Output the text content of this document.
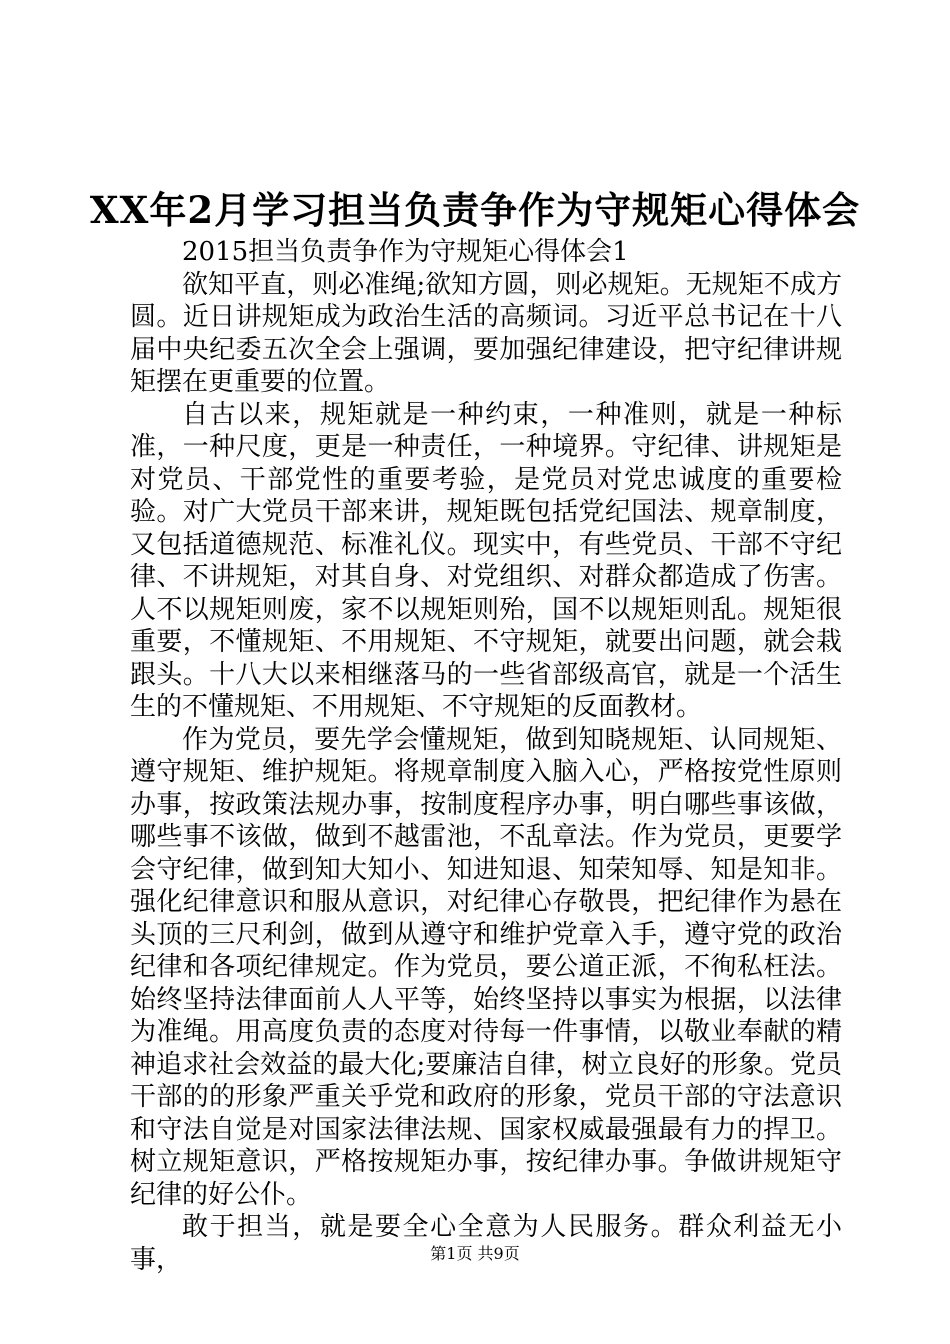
XX年2月学习担当负责争作为守规矩心得体会

2015担当负责争作为守规矩心得体会1

欲知平直，则必准绳;欲知方圆，则必规矩。无规矩不成方圆。近日讲规矩成为政治生活的高频词。习近平总书记在十八届中央纪委五次全会上强调，要加强纪律建设，把守纪律讲规矩摆在更重要的位置。

自古以来，规矩就是一种约束，一种准则，就是一种标准，一种尺度，更是一种责任，一种境界。守纪律、讲规矩是对党员、干部党性的重要考验，是党员对党忠诚度的重要检验。对广大党员干部来讲，规矩既包括党纪国法、规章制度，又包括道德规范、标准礼仪。现实中，有些党员、干部不守纪律、不讲规矩，对其自身、对党组织、对群众都造成了伤害。人不以规矩则废，家不以规矩则殆，国不以规矩则乱。规矩很重要，不懂规矩、不用规矩、不守规矩，就要出问题，就会栽跟头。十八大以来相继落马的一些省部级高官，就是一个活生生的不懂规矩、不用规矩、不守规矩的反面教材。

作为党员，要先学会懂规矩，做到知晓规矩、认同规矩、遵守规矩、维护规矩。将规章制度入脑入心，严格按党性原则办事，按政策法规办事，按制度程序办事，明白哪些事该做，哪些事不该做，做到不越雷池，不乱章法。作为党员，更要学会守纪律，做到知大知小、知进知退、知荣知辱、知是知非。强化纪律意识和服从意识，对纪律心存敬畏，把纪律作为悬在头顶的三尺利剑，做到从遵守和维护党章入手，遵守党的政治纪律和各项纪律规定。作为党员，要公道正派，不徇私枉法。始终坚持法律面前人人平等，始终坚持以事实为根据，以法律为准绳。用高度负责的态度对待每一件事情，以敬业奉献的精神追求社会效益的最大化;要廉洁自律，树立良好的形象。党员干部的的形象严重关乎党和政府的形象，党员干部的守法意识和守法自觉是对国家法律法规、国家权威最强最有力的捍卫。树立规矩意识，严格按规矩办事，按纪律办事。争做讲规矩守纪律的好公仆。

敢于担当，就是要全心全意为人民服务。群众利益无小事，	第1页 共9页
